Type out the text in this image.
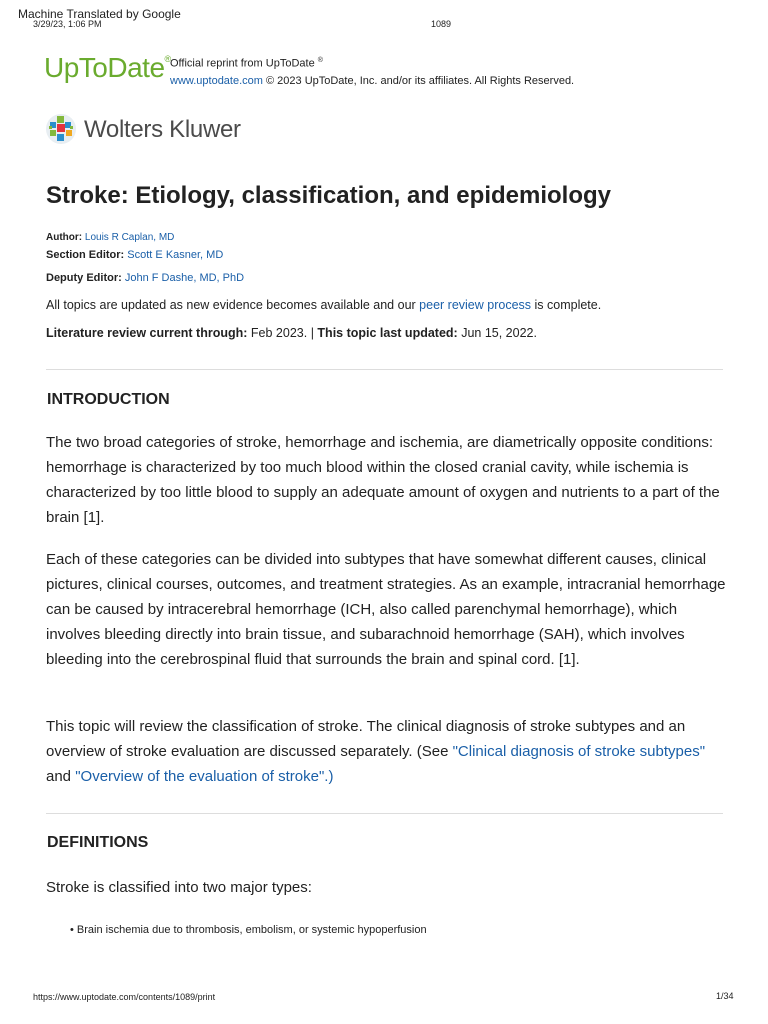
Machine Translated by Google
3/29/23, 1:06 PM	1089
UpToDate® Official reprint from UpToDate ®
www.uptodate.com © 2023 UpToDate, Inc. and/or its affiliates. All Rights Reserved.
Wolters Kluwer
Stroke: Etiology, classification, and epidemiology
Author: Louis R Caplan, MD
Section Editor: Scott E Kasner, MD
Deputy Editor: John F Dashe, MD, PhD
All topics are updated as new evidence becomes available and our peer review process is complete.
Literature review current through: Feb 2023. | This topic last updated: Jun 15, 2022.
INTRODUCTION
The two broad categories of stroke, hemorrhage and ischemia, are diametrically opposite conditions: hemorrhage is characterized by too much blood within the closed cranial cavity, while ischemia is characterized by too little blood to supply an adequate amount of oxygen and nutrients to a part of the brain [1].
Each of these categories can be divided into subtypes that have somewhat different causes, clinical pictures, clinical courses, outcomes, and treatment strategies. As an example, intracranial hemorrhage can be caused by intracerebral hemorrhage (ICH, also called parenchymal hemorrhage), which involves bleeding directly into brain tissue, and subarachnoid hemorrhage (SAH), which involves bleeding into the cerebrospinal fluid that surrounds the brain and spinal cord. [1].
This topic will review the classification of stroke. The clinical diagnosis of stroke subtypes and an overview of stroke evaluation are discussed separately. (See "Clinical diagnosis of stroke subtypes" and "Overview of the evaluation of stroke".)
DEFINITIONS
Stroke is classified into two major types:
• Brain ischemia due to thrombosis, embolism, or systemic hypoperfusion
https://www.uptodate.com/contents/1089/print	1/34
